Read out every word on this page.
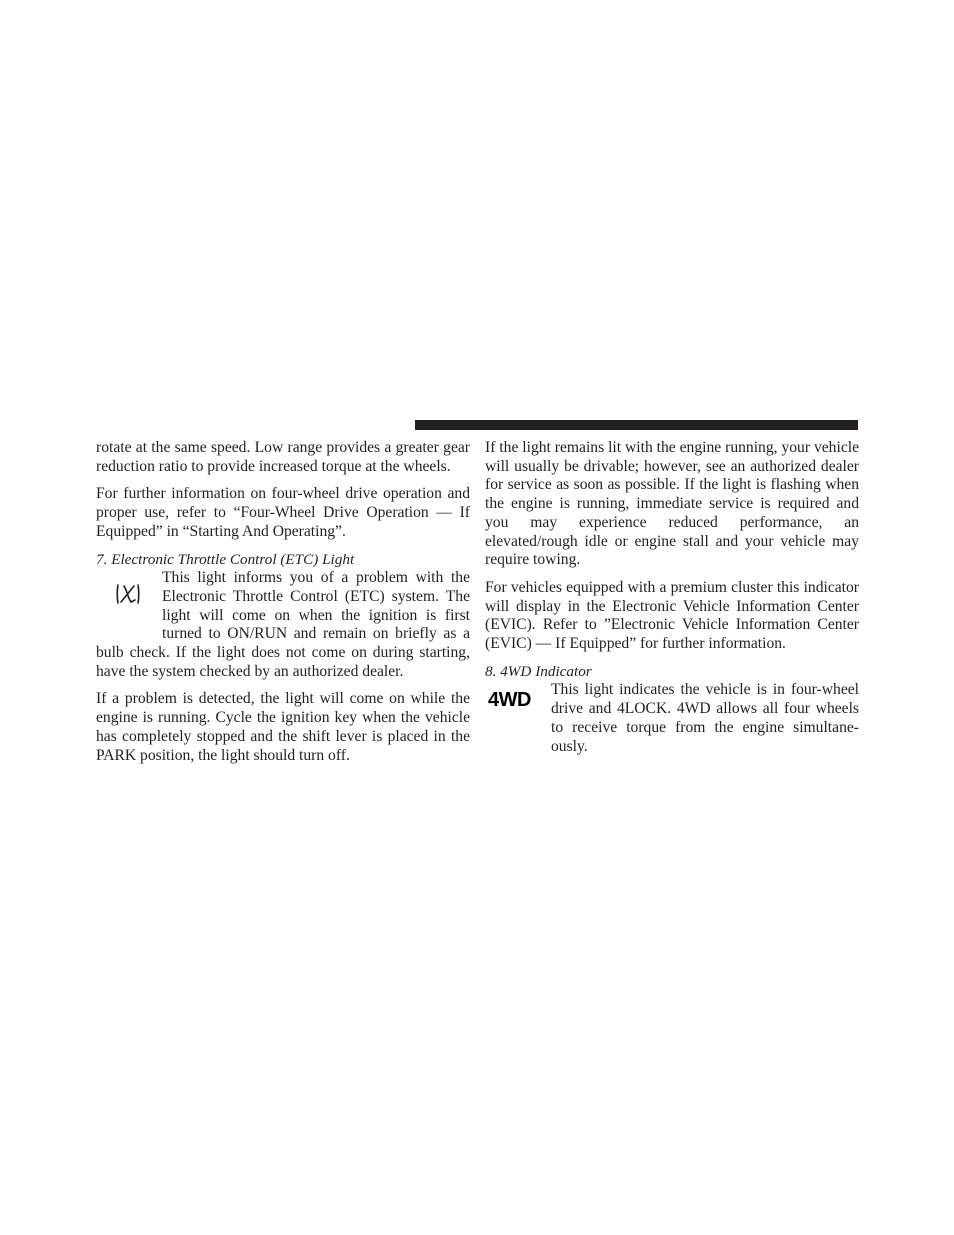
rotate at the same speed. Low range provides a greater gear reduction ratio to provide increased torque at the wheels.

For further information on four-wheel drive operation and proper use, refer to “Four-Wheel Drive Operation — If Equipped” in “Starting And Operating”.

7. Electronic Throttle Control (ETC) Light

This light informs you of a problem with the Electronic Throttle Control (ETC) system. The light will come on when the ignition is first turned to ON/RUN and remain on briefly as a bulb check. If the light does not come on during starting, have the system checked by an authorized dealer.

If a problem is detected, the light will come on while the engine is running. Cycle the ignition key when the vehicle has completely stopped and the shift lever is placed in the PARK position, the light should turn off.

If the light remains lit with the engine running, your vehicle will usually be drivable; however, see an authorized dealer for service as soon as possible. If the light is flashing when the engine is running, immediate service is required and you may experience reduced performance, an elevated/rough idle or engine stall and your vehicle may require towing.

For vehicles equipped with a premium cluster this indicator will display in the Electronic Vehicle Information Center (EVIC). Refer to ”Electronic Vehicle Information Center (EVIC) — If Equipped” for further information.

8. 4WD Indicator
4WD	This light indicates the vehicle is in four-wheel drive and 4LOCK. 4WD allows all four wheels to receive torque from the engine simultaneously.
